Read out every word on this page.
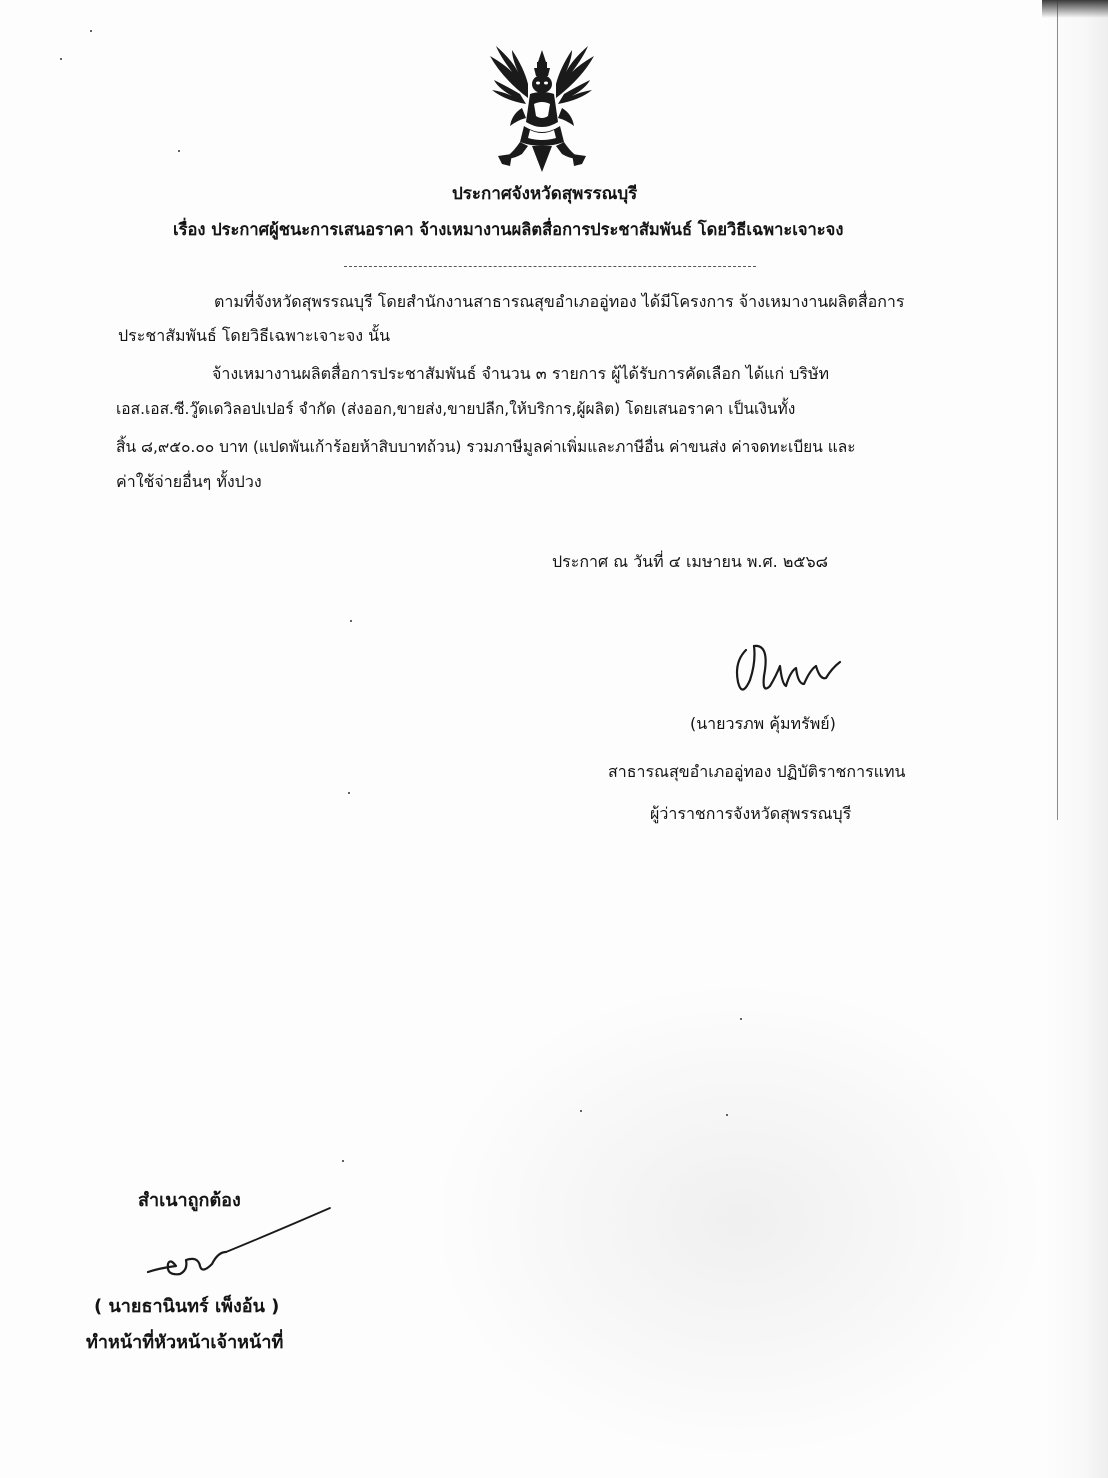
ประกาศจังหวัดสุพรรณบุรี
เรื่อง ประกาศผู้ชนะการเสนอราคา จ้างเหมางานผลิตสื่อการประชาสัมพันธ์ โดยวิธีเฉพาะเจาะจง
ตามที่จังหวัดสุพรรณบุรี โดยสำนักงานสาธารณสุขอำเภออู่ทอง ได้มีโครงการ จ้างเหมางานผลิตสื่อการ
ประชาสัมพันธ์ โดยวิธีเฉพาะเจาะจง นั้น
จ้างเหมางานผลิตสื่อการประชาสัมพันธ์ จำนวน ๓ รายการ ผู้ได้รับการคัดเลือก ได้แก่ บริษัท
เอส.เอส.ซี.วู๊ดเดวิลอปเปอร์ จำกัด (ส่งออก,ขายส่ง,ขายปลีก,ให้บริการ,ผู้ผลิต) โดยเสนอราคา เป็นเงินทั้ง
สิ้น ๘,๙๕๐.๐๐ บาท (แปดพันเก้าร้อยห้าสิบบาทถ้วน) รวมภาษีมูลค่าเพิ่มและภาษีอื่น ค่าขนส่ง ค่าจดทะเบียน และ
ค่าใช้จ่ายอื่นๆ ทั้งปวง
ประกาศ ณ วันที่ ๔ เมษายน พ.ศ. ๒๕๖๘
(นายวรภพ คุ้มทรัพย์)
สาธารณสุขอำเภออู่ทอง ปฏิบัติราชการแทน
ผู้ว่าราชการจังหวัดสุพรรณบุรี
สำเนาถูกต้อง
( นายธานินทร์ เพ็งอ้น )
ทำหน้าที่หัวหน้าเจ้าหน้าที่
